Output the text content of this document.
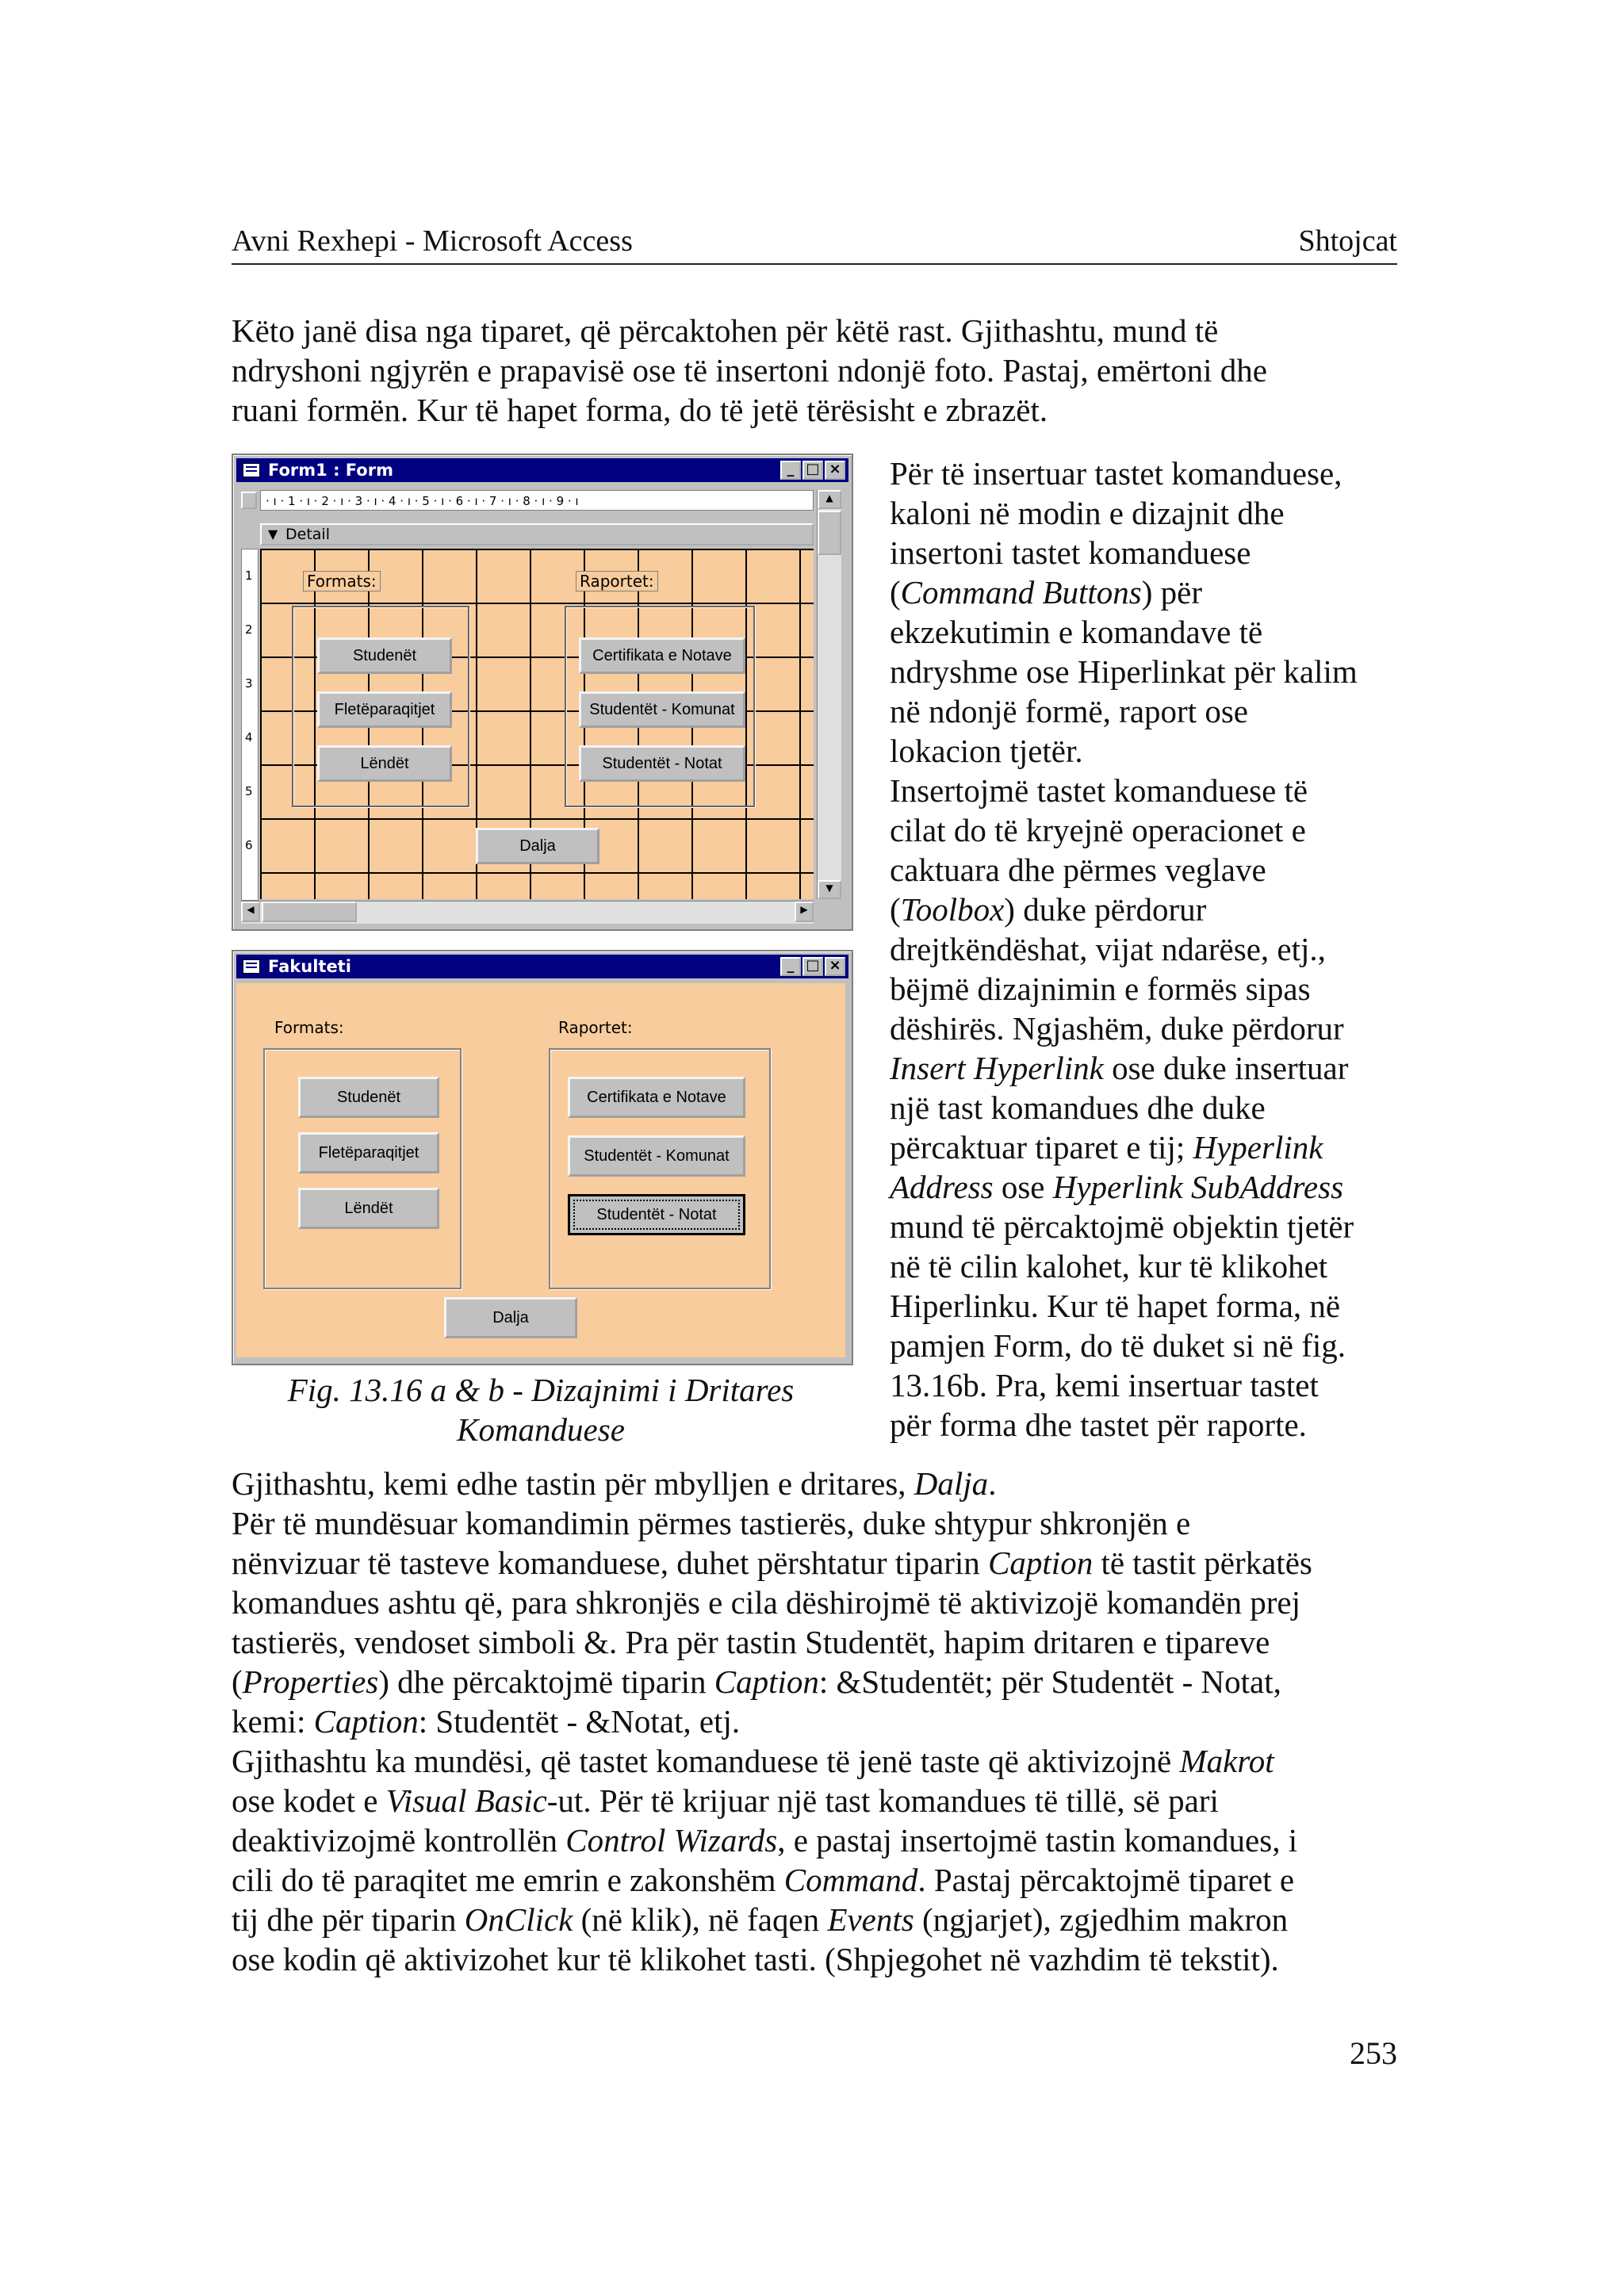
Avni Rexhepi - Microsoft Access	Shtojcat

Këto janë disa nga tiparet, që përcaktohen për këtë rast. Gjithashtu, mund të
ndryshoni ngjyrën e prapavisë ose të insertoni ndonjë foto. Pastaj, emërtoni dhe
ruani formën. Kur të hapet forma, do të jetë tërësisht e zbrazët.

Form1 : Form	_ □ ×
· ı · 1 · ı · 2 · ı · 3 · ı · 4 · ı · 5 · ı · 6 · ı · 7 · ı · 8 · ı · 9 · ı
1
2
3
4
5
6
▼ Detail
Formats:	Raportet:
Studenët
Fletëparaqitjet
Lëndët
Certifikata e Notave
Studentët - Komunat
Studentët - Notat
Dalja
▲
▼
◀	▶
Fakulteti	_ □ ×
Formats:	Raportet:
Studenët
Fletëparaqitjet
Lëndët
Certifikata e Notave
Studentët - Komunat
Studentët - Notat
Dalja
Fig. 13.16 a & b - Dizajnimi i Dritares
Komanduese
Për të insertuar tastet komanduese,
kaloni në modin e dizajnit dhe
insertoni tastet komanduese
(Command Buttons) për
ekzekutimin e komandave të
ndryshme ose Hiperlinkat për kalim
në ndonjë formë, raport ose
lokacion tjetër.
Insertojmë tastet komanduese të
cilat do të kryejnë operacionet e
caktuara dhe përmes veglave
(Toolbox) duke përdorur
drejtkëndëshat, vijat ndarëse, etj.,
bëjmë dizajnimin e formës sipas
dëshirës. Ngjashëm, duke përdorur
Insert Hyperlink ose duke insertuar
një tast komandues dhe duke
përcaktuar tiparet e tij; Hyperlink
Address ose Hyperlink SubAddress
mund të përcaktojmë objektin tjetër
në të cilin kalohet, kur të klikohet
Hiperlinku. Kur të hapet forma, në
pamjen Form, do të duket si në fig.
13.16b. Pra, kemi insertuar tastet
për forma dhe tastet për raporte.

Gjithashtu, kemi edhe tastin për mbylljen e dritares, Dalja.
Për të mundësuar komandimin përmes tastierës, duke shtypur shkronjën e
nënvizuar të tasteve komanduese, duhet përshtatur tiparin Caption të tastit përkatës
komandues ashtu që, para shkronjës e cila dëshirojmë të aktivizojë komandën prej
tastierës, vendoset simboli &. Pra për tastin Studentët, hapim dritaren e tipareve
(Properties) dhe përcaktojmë tiparin Caption: &Studentët; për Studentët - Notat,
kemi: Caption: Studentët - &Notat, etj.
Gjithashtu ka mundësi, që tastet komanduese të jenë taste që aktivizojnë Makrot
ose kodet e Visual Basic-ut. Për të krijuar një tast komandues të tillë, së pari
deaktivizojmë kontrollën Control Wizards, e pastaj insertojmë tastin komandues, i
cili do të paraqitet me emrin e zakonshëm Command. Pastaj përcaktojmë tiparet e
tij dhe për tiparin OnClick (në klik), në faqen Events (ngjarjet), zgjedhim makron
ose kodin që aktivizohet kur të klikohet tasti. (Shpjegohet në vazhdim të tekstit).

253
